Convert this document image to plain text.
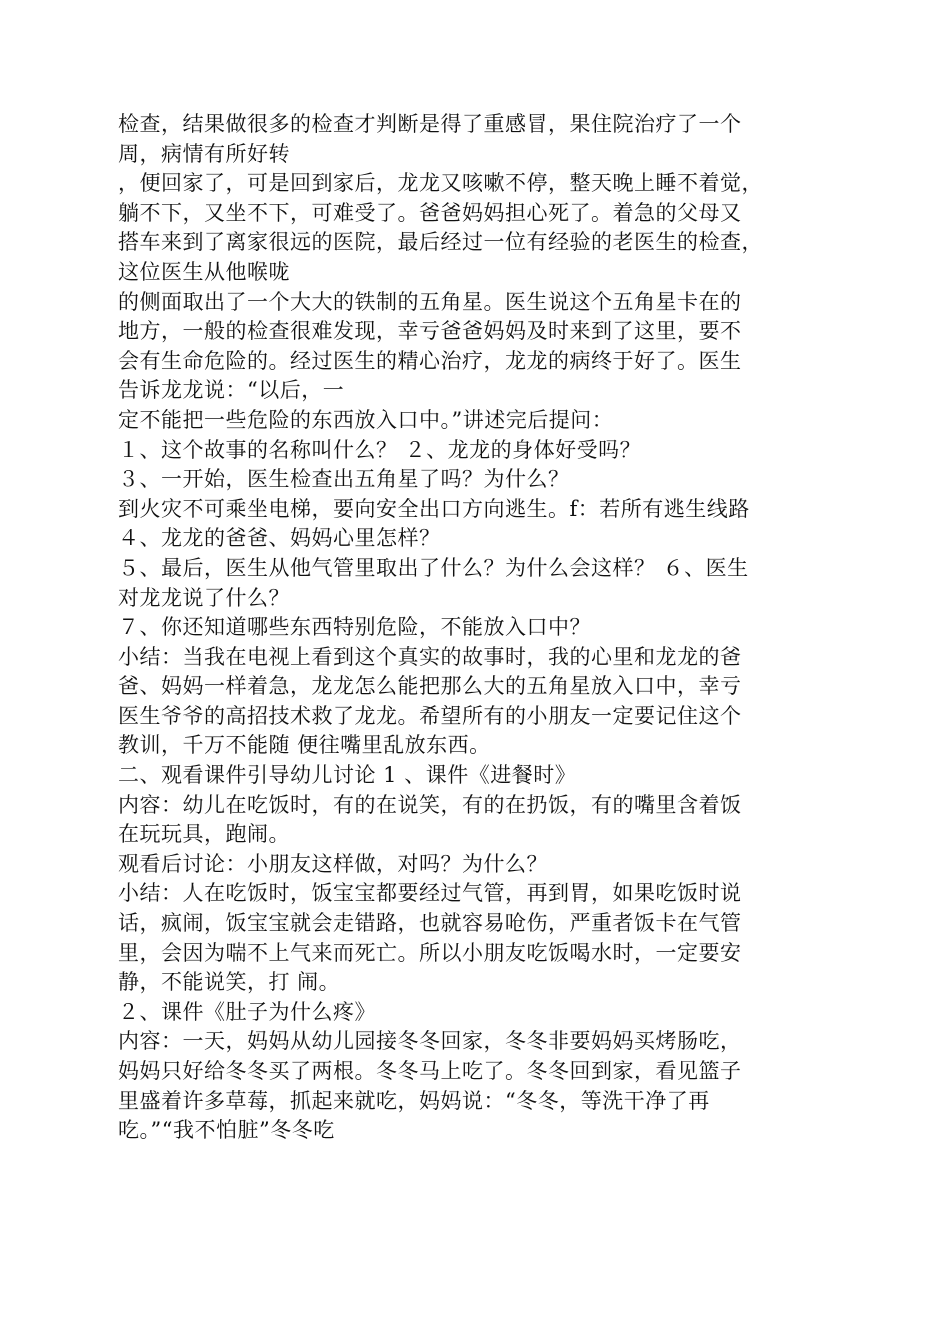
检查，结果做很多的检查才判断是得了重感冒，果住院治疗了一个
周，病情有所好转
，便回家了，可是回到家后，龙龙又咳嗽不停，整天晚上睡不着觉，
躺不下，又坐不下，可难受了。爸爸妈妈担心死了。着急的父母又
搭车来到了离家很远的医院，最后经过一位有经验的老医生的检查，
这位医生从他喉咙
的侧面取出了一个大大的铁制的五角星。医生说这个五角星卡在的
地方，一般的检查很难发现，幸亏爸爸妈妈及时来到了这里，要不
会有生命危险的。经过医生的精心治疗，龙龙的病终于好了。医生
告诉龙龙说：“以后，一
定不能把一些危险的东西放入口中。”讲述完后提问：
１、这个故事的名称叫什么？ ２、龙龙的身体好受吗？
３、一开始，医生检查出五角星了吗？为什么？
到火灾不可乘坐电梯，要向安全出口方向逃生。f：若所有逃生线路
４、龙龙的爸爸、妈妈心里怎样？
５、最后，医生从他气管里取出了什么？为什么会这样？ ６、医生
对龙龙说了什么？
７、你还知道哪些东西特别危险，不能放入口中？
小结：当我在电视上看到这个真实的故事时，我的心里和龙龙的爸
爸、妈妈一样着急，龙龙怎么能把那么大的五角星放入口中，幸亏
医生爷爷的高招技术救了龙龙。希望所有的小朋友一定要记住这个
教训，千万不能随 便往嘴里乱放东西。
二、观看课件引导幼儿讨论 1 、课件《进餐时》
内容：幼儿在吃饭时，有的在说笑，有的在扔饭，有的嘴里含着饭
在玩玩具，跑闹。
观看后讨论：小朋友这样做，对吗？为什么？
小结：人在吃饭时，饭宝宝都要经过气管，再到胃，如果吃饭时说
话，疯闹，饭宝宝就会走错路，也就容易呛伤，严重者饭卡在气管
里，会因为喘不上气来而死亡。所以小朋友吃饭喝水时，一定要安
静，不能说笑，打 闹。
２、课件《肚子为什么疼》
内容：一天，妈妈从幼儿园接冬冬回家，冬冬非要妈妈买烤肠吃，
妈妈只好给冬冬买了两根。冬冬马上吃了。冬冬回到家，看见篮子
里盛着许多草莓，抓起来就吃，妈妈说：“冬冬，等洗干净了再
吃。”“我不怕脏”冬冬吃
